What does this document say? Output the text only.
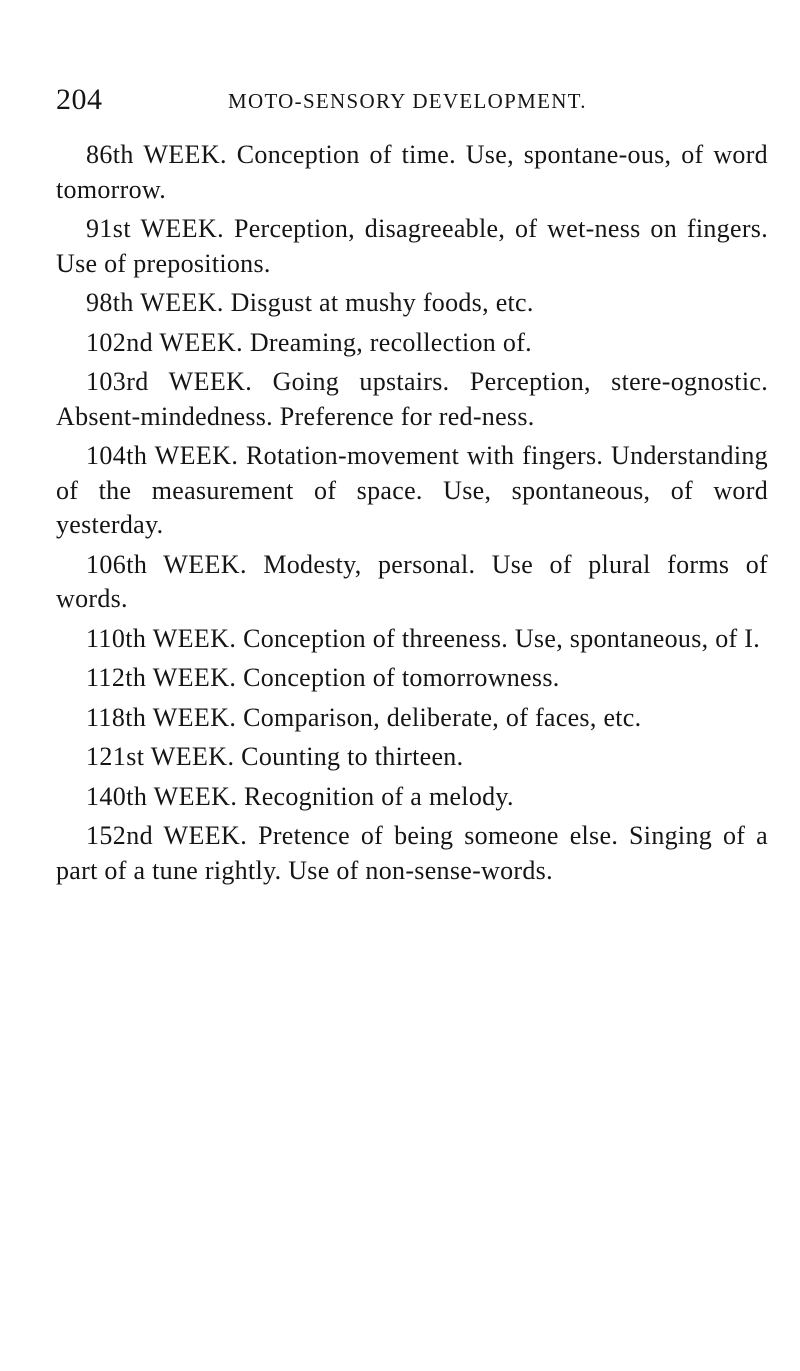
204	MOTO-SENSORY DEVELOPMENT.

86th WEEK. Conception of time. Use, spontane-ous, of word tomorrow.

91st WEEK. Perception, disagreeable, of wet-ness on fingers. Use of prepositions.

98th WEEK. Disgust at mushy foods, etc.

102nd WEEK. Dreaming, recollection of.

103rd WEEK. Going upstairs. Perception, stere-ognostic. Absent-mindedness. Preference for red-ness.

104th WEEK. Rotation-movement with fingers. Understanding of the measurement of space. Use, spontaneous, of word yesterday.

106th WEEK. Modesty, personal. Use of plural forms of words.

110th WEEK. Conception of threeness. Use, spontaneous, of I.

112th WEEK. Conception of tomorrowness.

118th WEEK. Comparison, deliberate, of faces, etc.

121st WEEK. Counting to thirteen.

140th WEEK. Recognition of a melody.

152nd WEEK. Pretence of being someone else. Singing of a part of a tune rightly. Use of non-sense-words.
